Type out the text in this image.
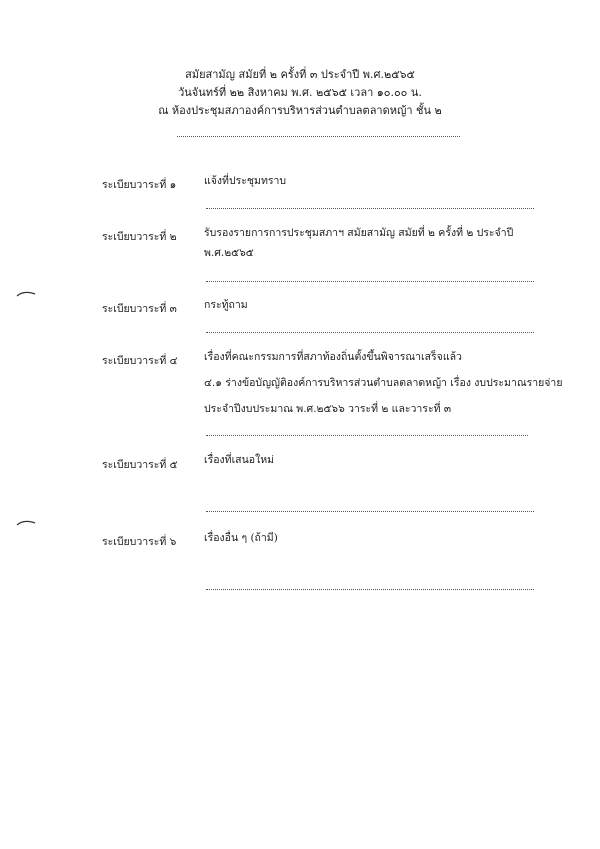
สมัยสามัญ สมัยที่ ๒ ครั้งที่ ๓ ประจำปี พ.ศ.๒๕๖๕
วันจันทร์ที่ ๒๒ สิงหาคม พ.ศ. ๒๕๖๕ เวลา ๑๐.๐๐ น.
ณ ห้องประชุมสภาองค์การบริหารส่วนตำบลตลาดหญ้า ชั้น ๒
ระเบียบวาระที่ ๑	แจ้งที่ประชุมทราบ
ระเบียบวาระที่ ๒	รับรองรายการการประชุมสภาฯ สมัยสามัญ สมัยที่ ๒ ครั้งที่ ๒ ประจำปี
พ.ศ.๒๕๖๕
ระเบียบวาระที่ ๓	กระทู้ถาม
ระเบียบวาระที่ ๔	เรื่องที่คณะกรรมการที่สภาท้องถิ่นตั้งขึ้นพิจารณาเสร็จแล้ว
๔.๑ ร่างข้อบัญญัติองค์การบริหารส่วนตำบลตลาดหญ้า เรื่อง งบประมาณรายจ่าย
ประจำปีงบประมาณ พ.ศ.๒๕๖๖ วาระที่ ๒ และวาระที่ ๓
ระเบียบวาระที่ ๕	เรื่องที่เสนอใหม่
ระเบียบวาระที่ ๖	เรื่องอื่น ๆ (ถ้ามี)
